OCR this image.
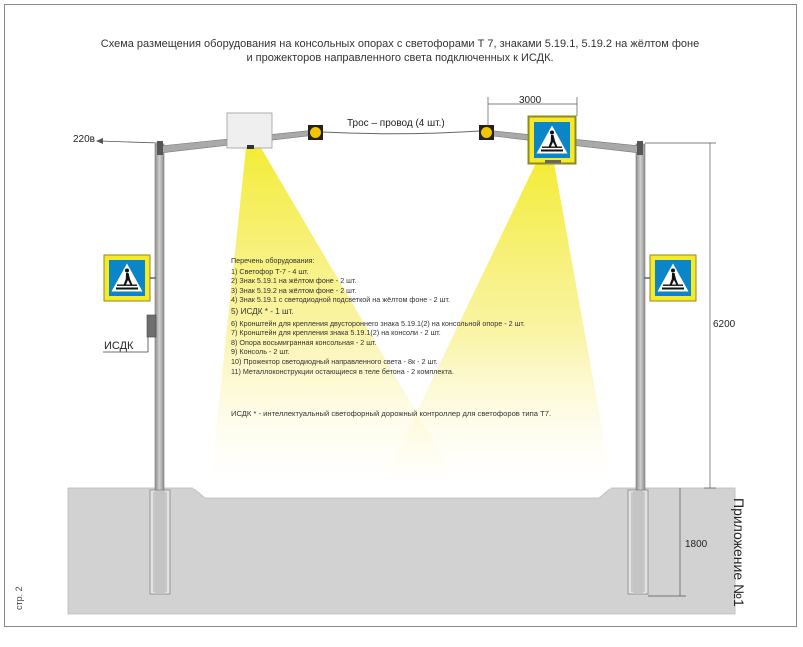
Схема размещения оборудования на консольных опорах с светофорами Т 7, знаками 5.19.1, 5.19.2 на жёлтом фоне
и прожекторов направленного света подключенных к ИСДК.
220в
Трос – провод (4 шт.)
3000
6200
1800
ИСДК
Перечень оборудования:
1) Светофор Т-7 - 4 шт.
2) Знак 5.19.1 на жёлтом фоне - 2 шт.
3) Знак 5.19.2 на жёлтом фоне - 2 шт.
4) Знак 5.19.1 с светодиодной подсветкой на жёлтом фоне - 2 шт.
5) ИСДК * - 1 шт.
6) Кронштейн для крепления двустороннего знака 5.19.1(2) на консольной опоре - 2 шт.
7) Кронштейн для крепления знака 5.19.1(2) на консоли - 2 шт.
8) Опора восьмигранная консольная - 2 шт.
9) Консоль - 2 шт.
10) Прожектор светодиодный направленного света - 8к - 2 шт.
11) Металлоконструкции остающиеся в теле бетона - 2 комплекта.
ИСДК * - интеллектуальный светофорный дорожный контроллер для светофоров типа Т7.
Приложение №1
стр. 2
